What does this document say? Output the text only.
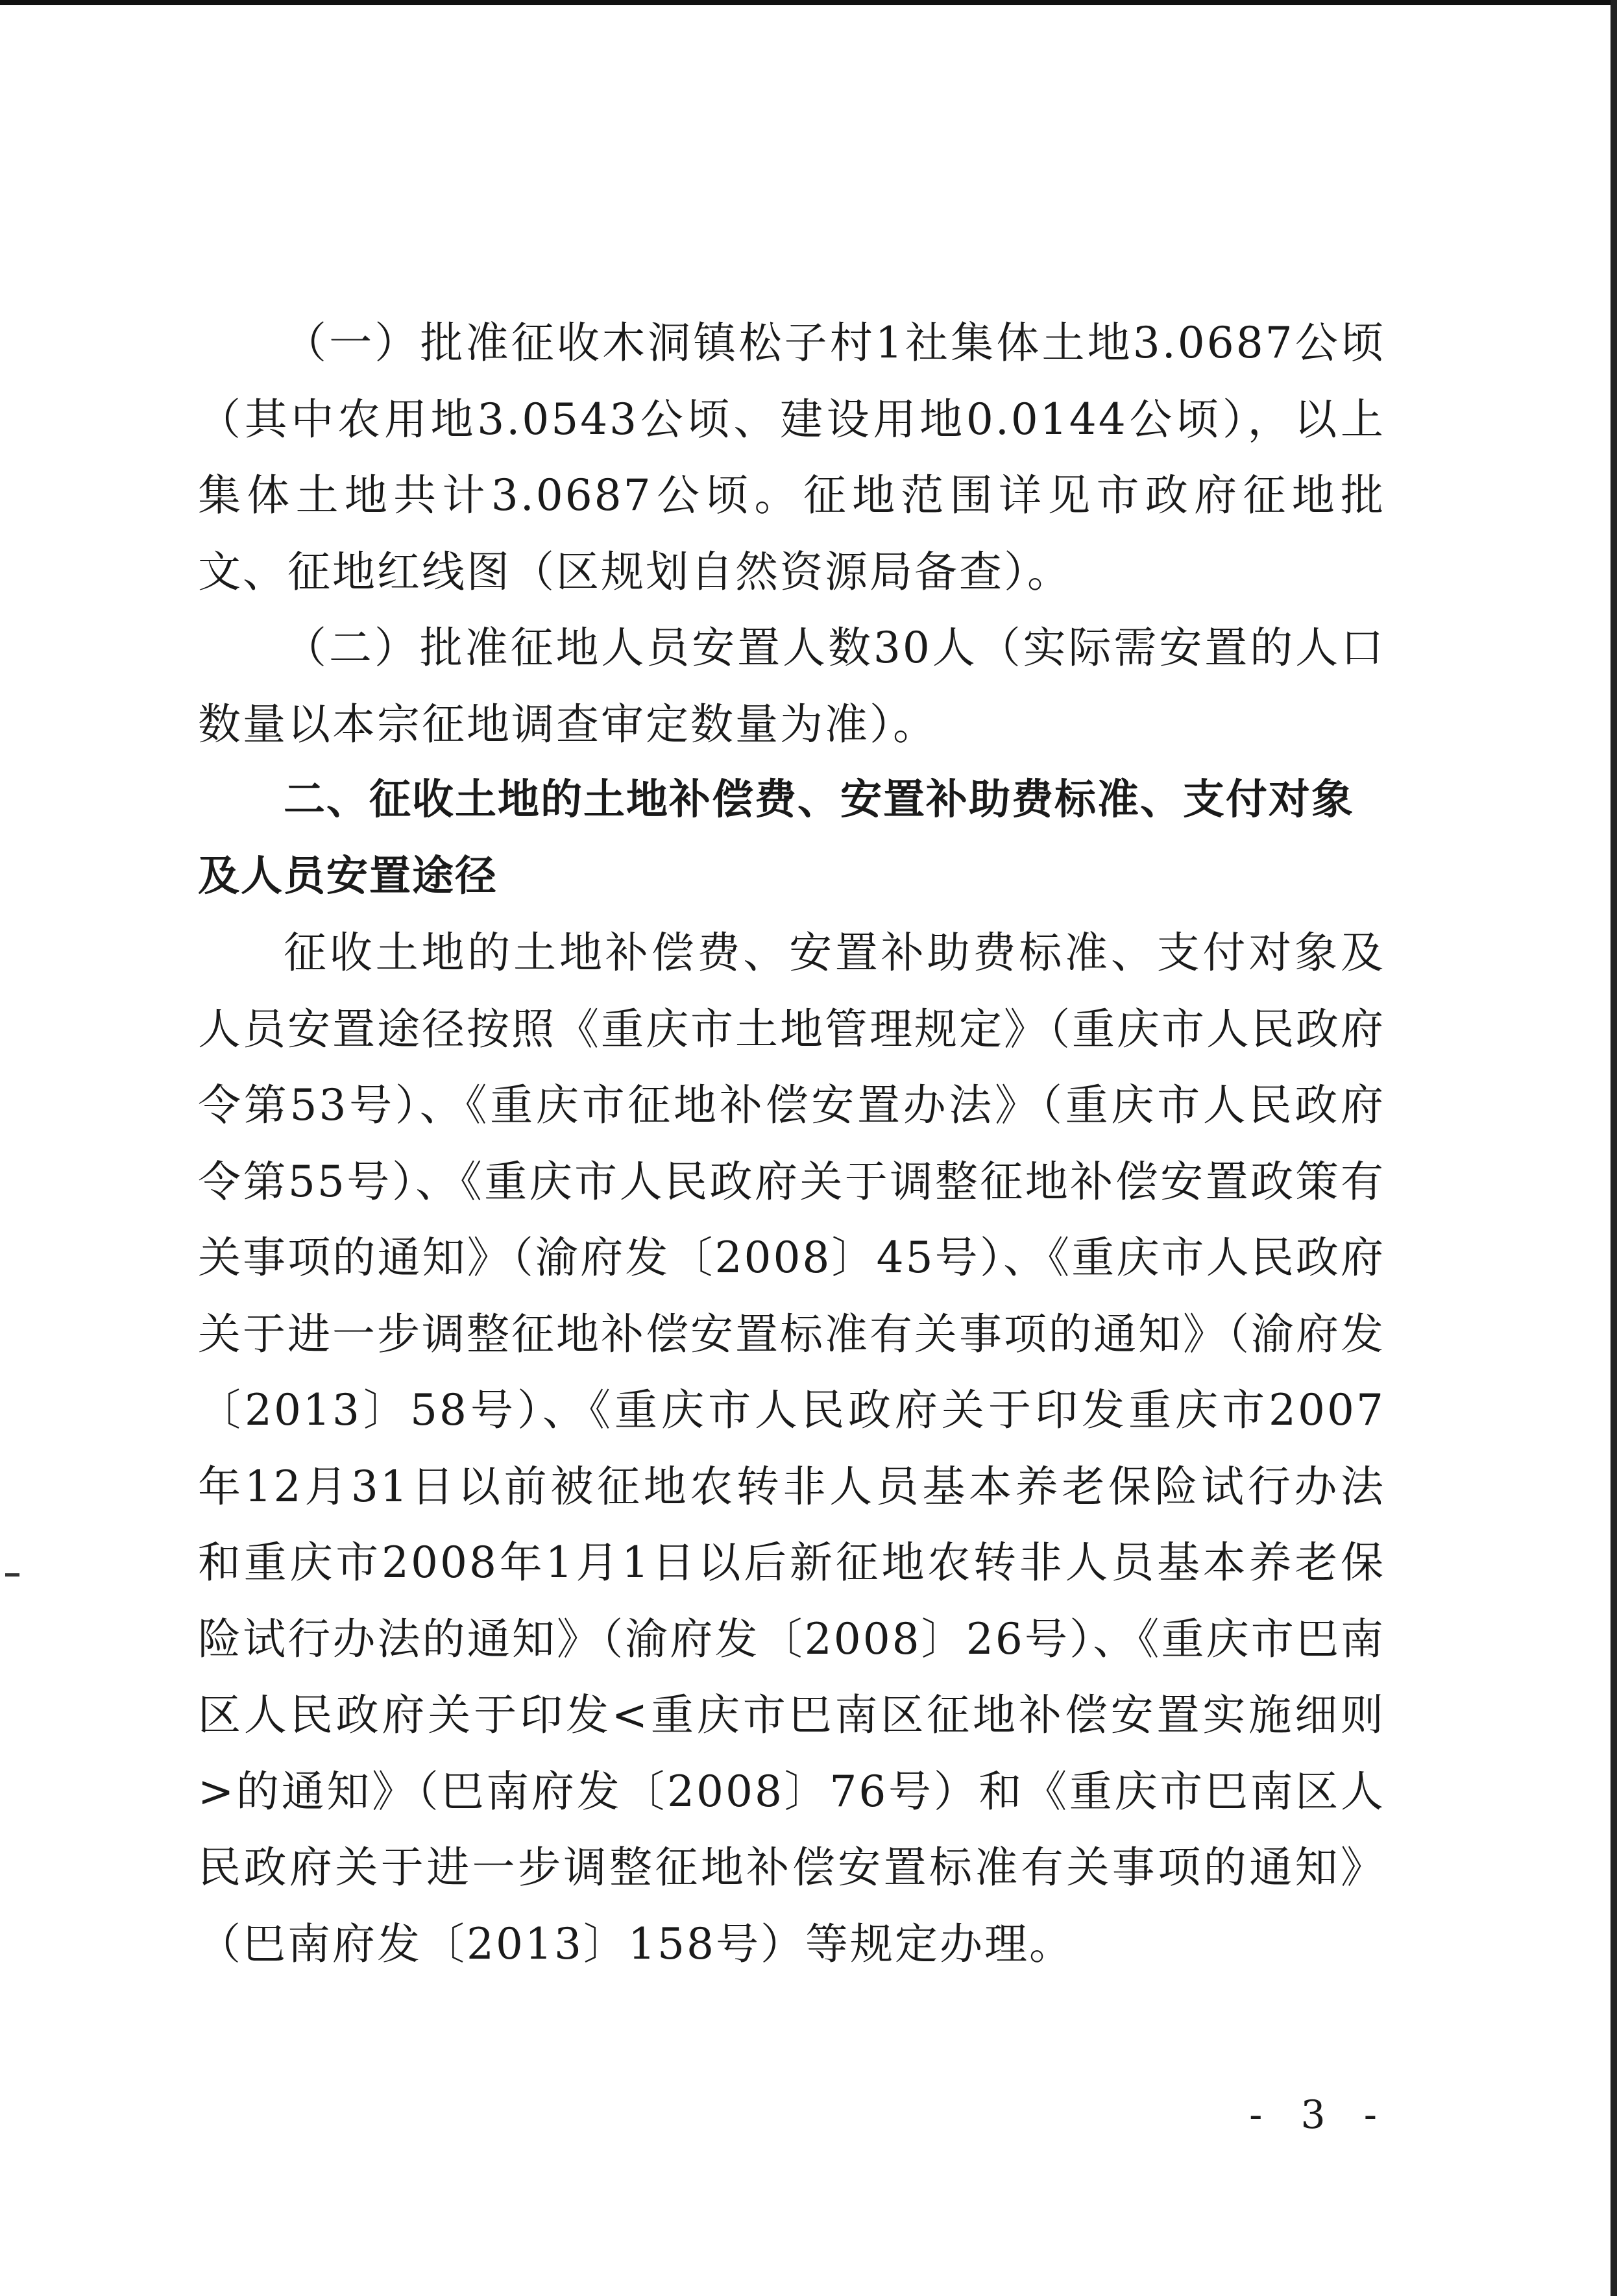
（一）批准征收木洞镇松子村1社集体土地3.0687公顷（其中农用地3.0543公顷、建设用地0.0144公顷），以上集体土地共计3.0687公顷。征地范围详见市政府征地批文、征地红线图（区规划自然资源局备查）。

（二）批准征地人员安置人数30人（实际需安置的人口数量以本宗征地调查审定数量为准）。

二、征收土地的土地补偿费、安置补助费标准、支付对象及人员安置途径

征收土地的土地补偿费、安置补助费标准、支付对象及人员安置途径按照《重庆市土地管理规定》（重庆市人民政府令第53号）、《重庆市征地补偿安置办法》（重庆市人民政府令第55号）、《重庆市人民政府关于调整征地补偿安置政策有关事项的通知》（渝府发〔2008〕45号）、《重庆市人民政府关于进一步调整征地补偿安置标准有关事项的通知》（渝府发〔2013〕58号）、《重庆市人民政府关于印发重庆市2007年12月31日以前被征地农转非人员基本养老保险试行办法和重庆市2008年1月1日以后新征地农转非人员基本养老保险试行办法的通知》（渝府发〔2008〕26号）、《重庆市巴南区人民政府关于印发<重庆市巴南区征地补偿安置实施细则>的通知》（巴南府发〔2008〕76号）和《重庆市巴南区人民政府关于进一步调整征地补偿安置标准有关事项的通知》（巴南府发〔2013〕158号）等规定办理。

- 3 -
